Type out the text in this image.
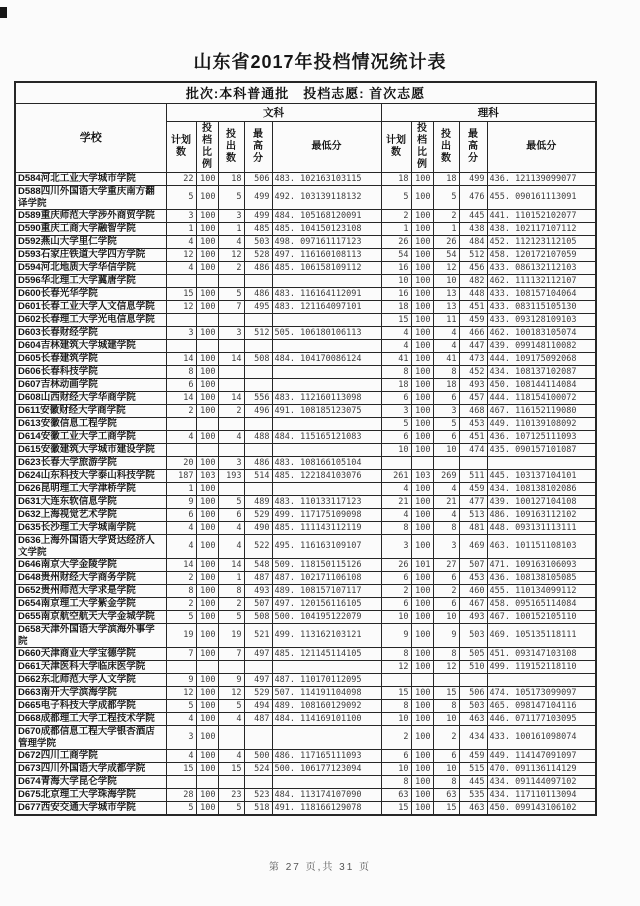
山东省2017年投档情况统计表
批次:本科普通批　投档志愿: 首次志愿										
学校	文科					理科				

	计划数	投档比例	投出数	最高分	最低分	计划数	投档比例	投出数	最高分	最低分

D584河北工业大学城市学院	22	100	18	506	483. 102163103115	18	100	18	499	436. 121139099077
D588四川外国语大学重庆南方翻译学院	5	100	5	499	492. 103139118132	5	100	5	476	455. 090161113091
D589重庆师范大学涉外商贸学院	3	100	3	499	484. 105168120091	2	100	2	445	441. 110152102077
D590重庆工商大学融智学院	1	100	1	485	485. 104150123108	1	100	1	438	438. 102117107112
D592燕山大学里仁学院	4	100	4	503	498. 097161117123	26	100	26	484	452. 112123112105
D593石家庄铁道大学四方学院	12	100	12	528	497. 116160108113	54	100	54	512	458. 120172107059
D594河北地质大学华信学院	4	100	2	486	485. 106158109112	16	100	12	456	433. 086132112103
D596华北理工大学冀唐学院						10	100	10	482	462. 111132112107
D600长春光华学院	15	100	5	486	483. 116164112091	16	100	13	448	433. 108157104064
D601长春工业大学人文信息学院	12	100	7	495	483. 121164097101	18	100	13	451	433. 083115105130
D602长春理工大学光电信息学院						15	100	11	459	433. 093128109103
D603长春财经学院	3	100	3	512	505. 106180106113	4	100	4	466	462. 100183105074
D604吉林建筑大学城建学院						4	100	4	447	439. 099148110082
D605长春建筑学院	14	100	14	508	484. 104170086124	41	100	41	473	444. 109175092068
D606长春科技学院	8	100				8	100	8	452	434. 108137102087
D607吉林动画学院	6	100				18	100	18	493	450. 108144114084
D608山西财经大学华商学院	14	100	14	556	483. 112160113098	6	100	6	457	444. 118154100072
D611安徽财经大学商学院	2	100	2	496	491. 108185123075	3	100	3	468	467. 116152119080
D613安徽信息工程学院						5	100	5	453	449. 110139108092
D614安徽工业大学工商学院	4	100	4	488	484. 115165121083	6	100	6	451	436. 107125111093
D615安徽建筑大学城市建设学院						10	100	10	474	435. 090157101087
D623长春大学旅游学院	20	100	3	486	483. 108166105104					
D624山东科技大学泰山科技学院	187	103	193	514	485. 122184103076	261	103	269	511	445. 103137104101
D626昆明理工大学津桥学院	1	100				4	100	4	459	434. 108138102086
D631大连东软信息学院	9	100	5	489	483. 110133117123	21	100	21	477	439. 100127104108
D632上海视觉艺术学院	6	100	6	529	499. 117175109098	4	100	4	513	486. 109163112102
D635长沙理工大学城南学院	4	100	4	490	485. 111143112119	8	100	8	481	448. 093131113111
D636上海外国语大学贤达经济人文学院	4	100	4	522	495. 116163109107	3	100	3	469	463. 101151108103
D646南京大学金陵学院	14	100	14	548	509. 118150115126	26	101	27	507	471. 109163106093
D648贵州财经大学商务学院	2	100	1	487	487. 102171106108	6	100	6	453	436. 108138105085
D652贵州师范大学求是学院	8	100	8	493	489. 108157107117	2	100	2	460	455. 110134099112
D654南京理工大学紫金学院	2	100	2	507	497. 120156116105	6	100	6	467	458. 095165114084
D655南京航空航天大学金城学院	5	100	5	508	500. 104195122079	10	100	10	493	467. 100152105110
D658天津外国语大学滨海外事学院	19	100	19	521	499. 113162103121	9	100	9	503	469. 105135118111
D660天津商业大学宝德学院	7	100	7	497	485. 121145114105	8	100	8	505	451. 093147103108
D661天津医科大学临床医学院						12	100	12	510	499. 119152118110
D662东北师范大学人文学院	9	100	9	497	487. 110170112095					
D663南开大学滨海学院	12	100	12	529	507. 114191104098	15	100	15	506	474. 105173099097
D665电子科技大学成都学院	5	100	5	494	489. 108160129092	8	100	8	503	465. 098147104116
D668成都理工大学工程技术学院	4	100	4	487	484. 114169101100	10	100	10	463	446. 071177103095
D670成都信息工程大学银杏酒店管理学院	3	100				2	100	2	434	433. 100161098074
D672四川工商学院	4	100	4	500	486. 117165111093	6	100	6	459	449. 114147091097
D673四川外国语大学成都学院	15	100	15	524	500. 106177123094	10	100	10	515	470. 091136114129
D674青海大学昆仑学院						8	100	8	445	434. 091144097102
D675北京理工大学珠海学院	28	100	23	523	484. 113174107090	63	100	63	535	434. 117110113094
D677西安交通大学城市学院	5	100	5	518	491. 118166129078	15	100	15	463	450. 099143106102
第 27 页,共 31 页
